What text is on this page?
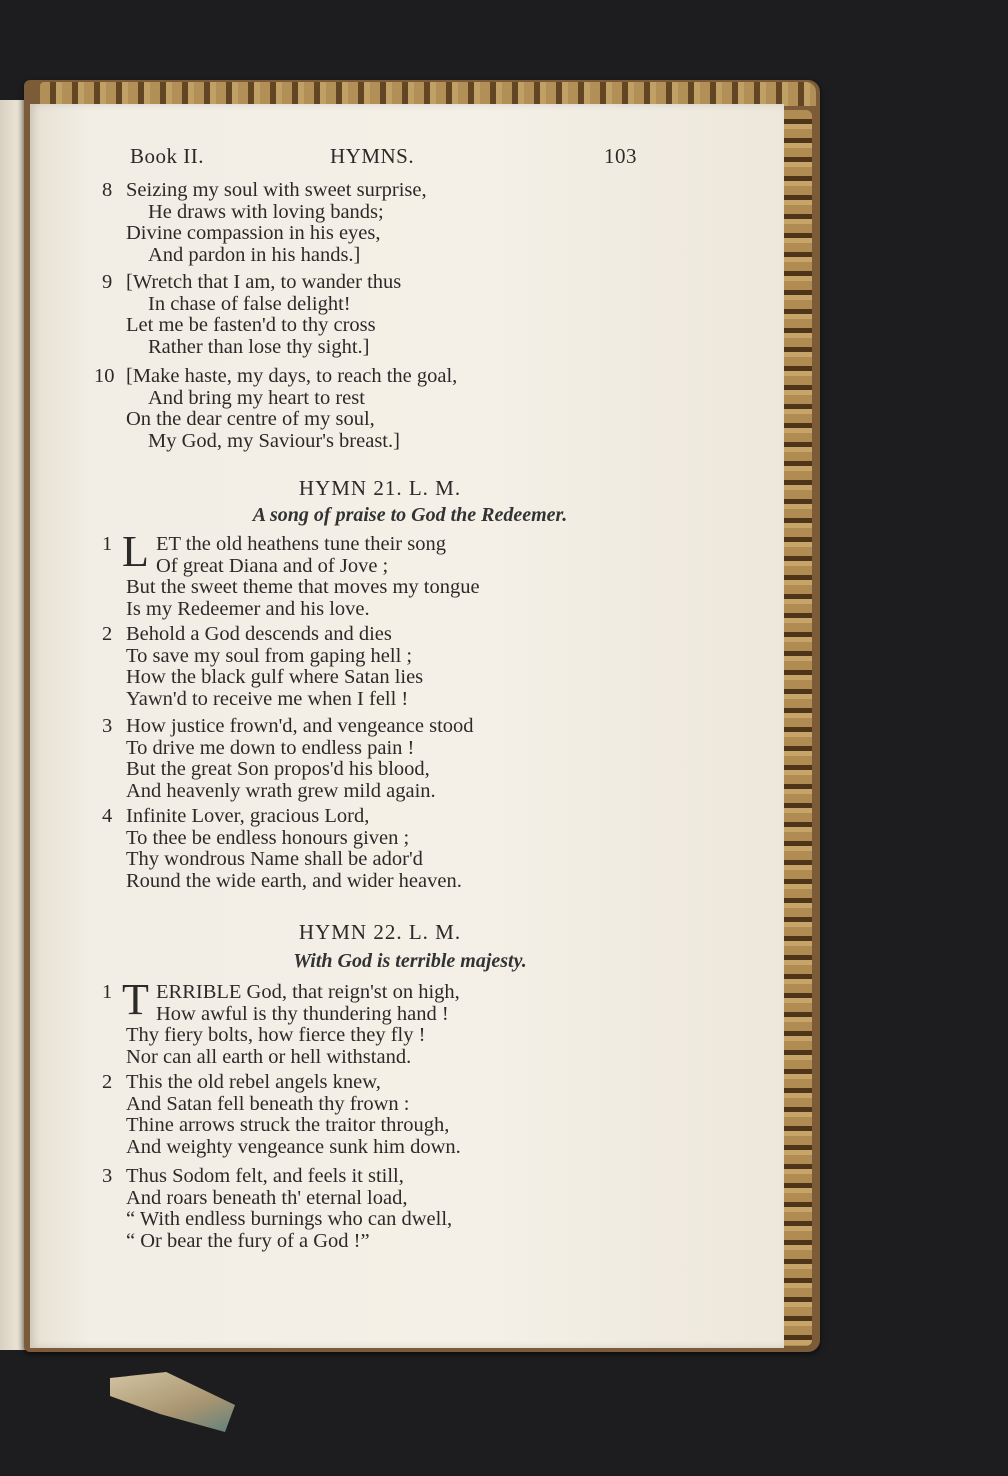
Book II.	HYMNS.	103
8 Seizing my soul with sweet surprise,
He draws with loving bands;
Divine compassion in his eyes,
And pardon in his hands.]
9 [Wretch that I am, to wander thus
In chase of false delight!
Let me be fasten'd to thy cross
Rather than lose thy sight.]
10 [Make haste, my days, to reach the goal,
And bring my heart to rest
On the dear centre of my soul,
My God, my Saviour's breast.]
HYMN 21. L. M.
A song of praise to God the Redeemer.
1 L ET the old heathens tune their song
Of great Diana and of Jove ;
But the sweet theme that moves my tongue
Is my Redeemer and his love.
2 Behold a God descends and dies
To save my soul from gaping hell ;
How the black gulf where Satan lies
Yawn'd to receive me when I fell !
3 How justice frown'd, and vengeance stood
To drive me down to endless pain !
But the great Son propos'd his blood,
And heavenly wrath grew mild again.
4 Infinite Lover, gracious Lord,
To thee be endless honours given ;
Thy wondrous Name shall be ador'd
Round the wide earth, and wider heaven.
HYMN 22. L. M.
With God is terrible majesty.
1 T ERRIBLE God, that reign'st on high,
How awful is thy thundering hand !
Thy fiery bolts, how fierce they fly !
Nor can all earth or hell withstand.
2 This the old rebel angels knew,
And Satan fell beneath thy frown :
Thine arrows struck the traitor through,
And weighty vengeance sunk him down.
3 Thus Sodom felt, and feels it still,
And roars beneath th' eternal load,
“ With endless burnings who can dwell,
“ Or bear the fury of a God !”
